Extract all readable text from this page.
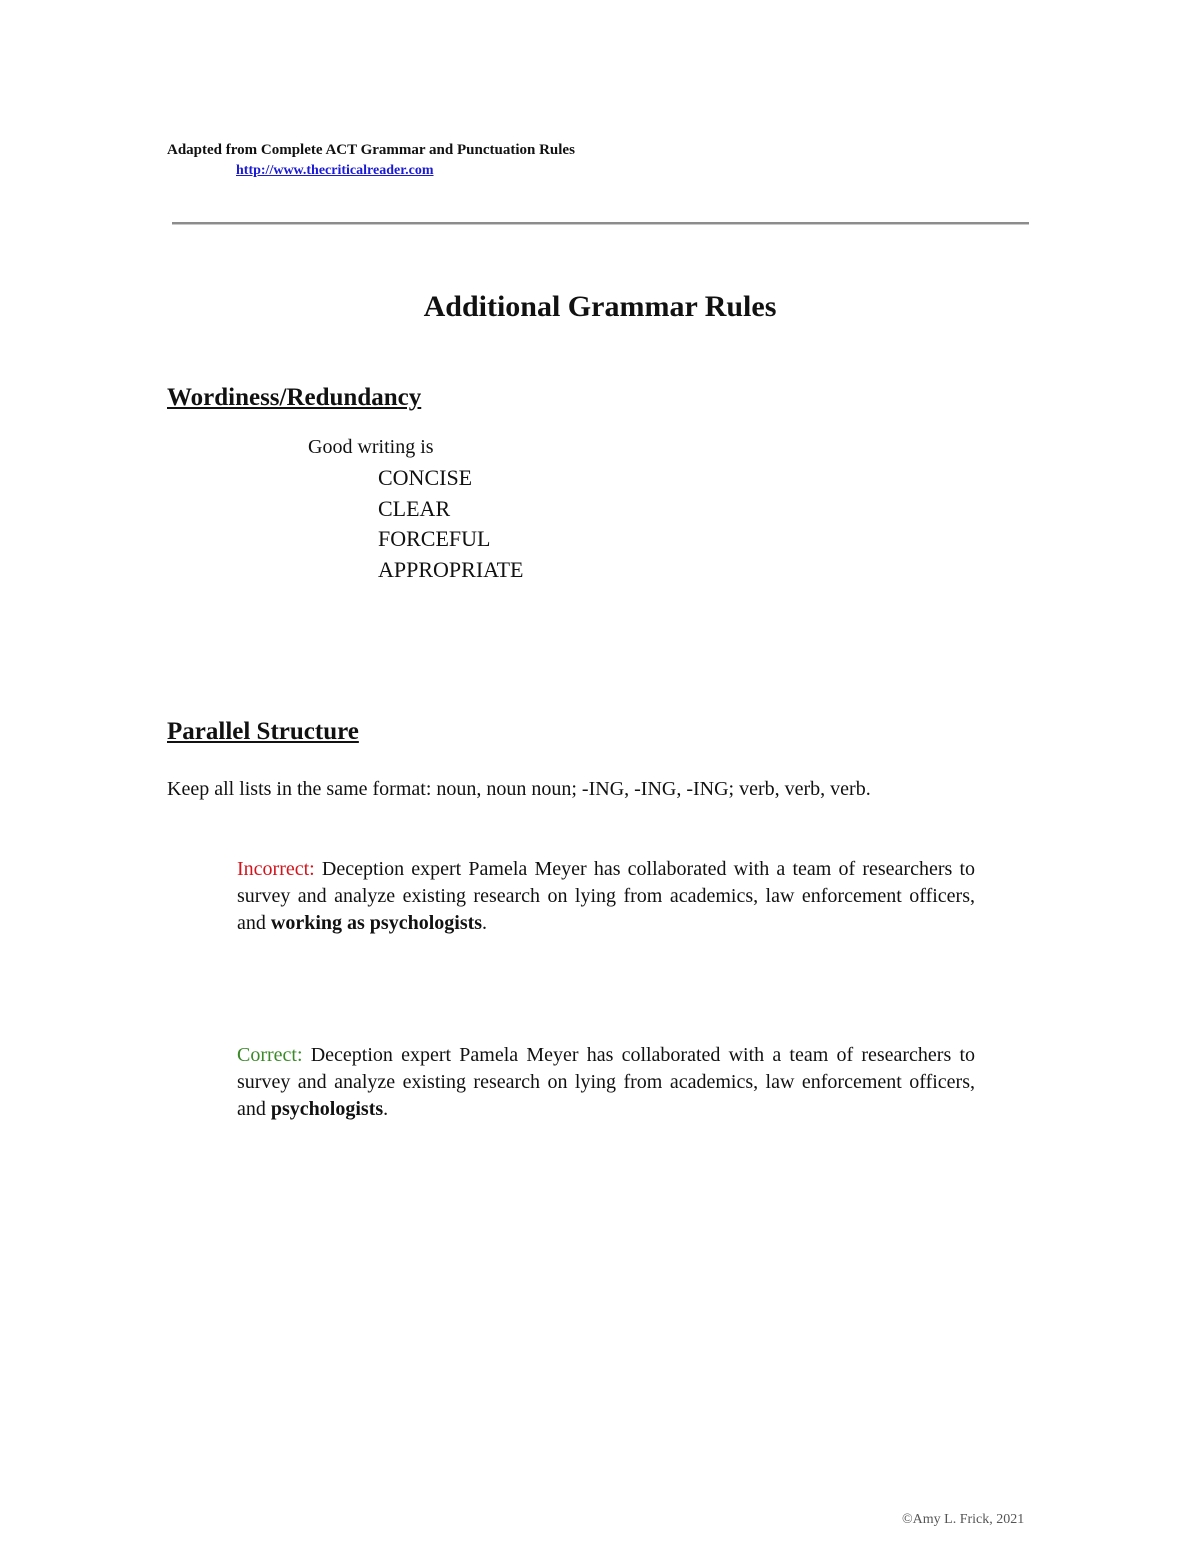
Adapted from Complete ACT Grammar and Punctuation Rules
http://www.thecriticalreader.com
Additional Grammar Rules
Wordiness/Redundancy
Good writing is
CONCISE
CLEAR
FORCEFUL
APPROPRIATE
Parallel Structure
Keep all lists in the same format: noun, noun noun; -ING, -ING, -ING; verb, verb, verb.

Incorrect: Deception expert Pamela Meyer has collaborated with a team of researchers to survey and analyze existing research on lying from academics, law enforcement officers, and working as psychologists.

Correct: Deception expert Pamela Meyer has collaborated with a team of researchers to survey and analyze existing research on lying from academics, law enforcement officers, and psychologists.

©Amy L. Frick, 2021
